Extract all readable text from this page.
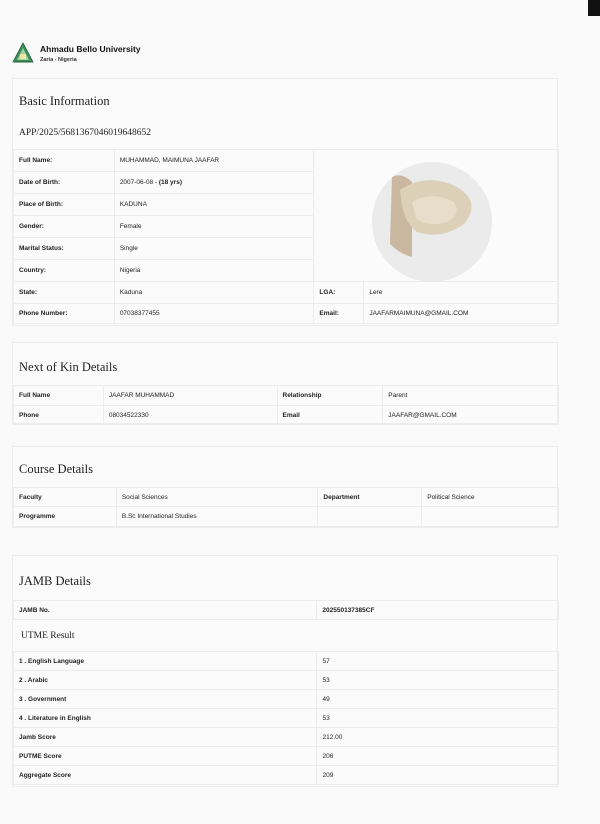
Ahmadu Bello University
Zaria - Nigeria
Basic Information
APP/2025/5681367046019648652
Full Name:	MUHAMMAD, MAIMUNA JAAFAR	

Date of Birth:	2007-06-08 - (18 yrs)		
Place of Birth:	KADUNA		
Gender:	Female		
Marital Status:	Single		
Country:	Nigeria		

State:	Kaduna	LGA:	Lere
Phone Number:	07038377455	Email:	JAAFARMAIMUNA@GMAIL.COM
Next of Kin Details
Full Name	JAAFAR MUHAMMAD	Relationship	Parent
Phone	08034522330	Email	JAAFAR@GMAIL.COM
Course Details
Faculty	Social Sciences	Department	Political Science
Programme	B.Sc International Studies		
JAMB Details
JAMB No.	202550137385CF
UTME Result
1 . English Language	57
2 . Arabic	53
3 . Government	49
4 . Literature in English	53
Jamb Score	212.00
PUTME Score	206
Aggregate Score	209
